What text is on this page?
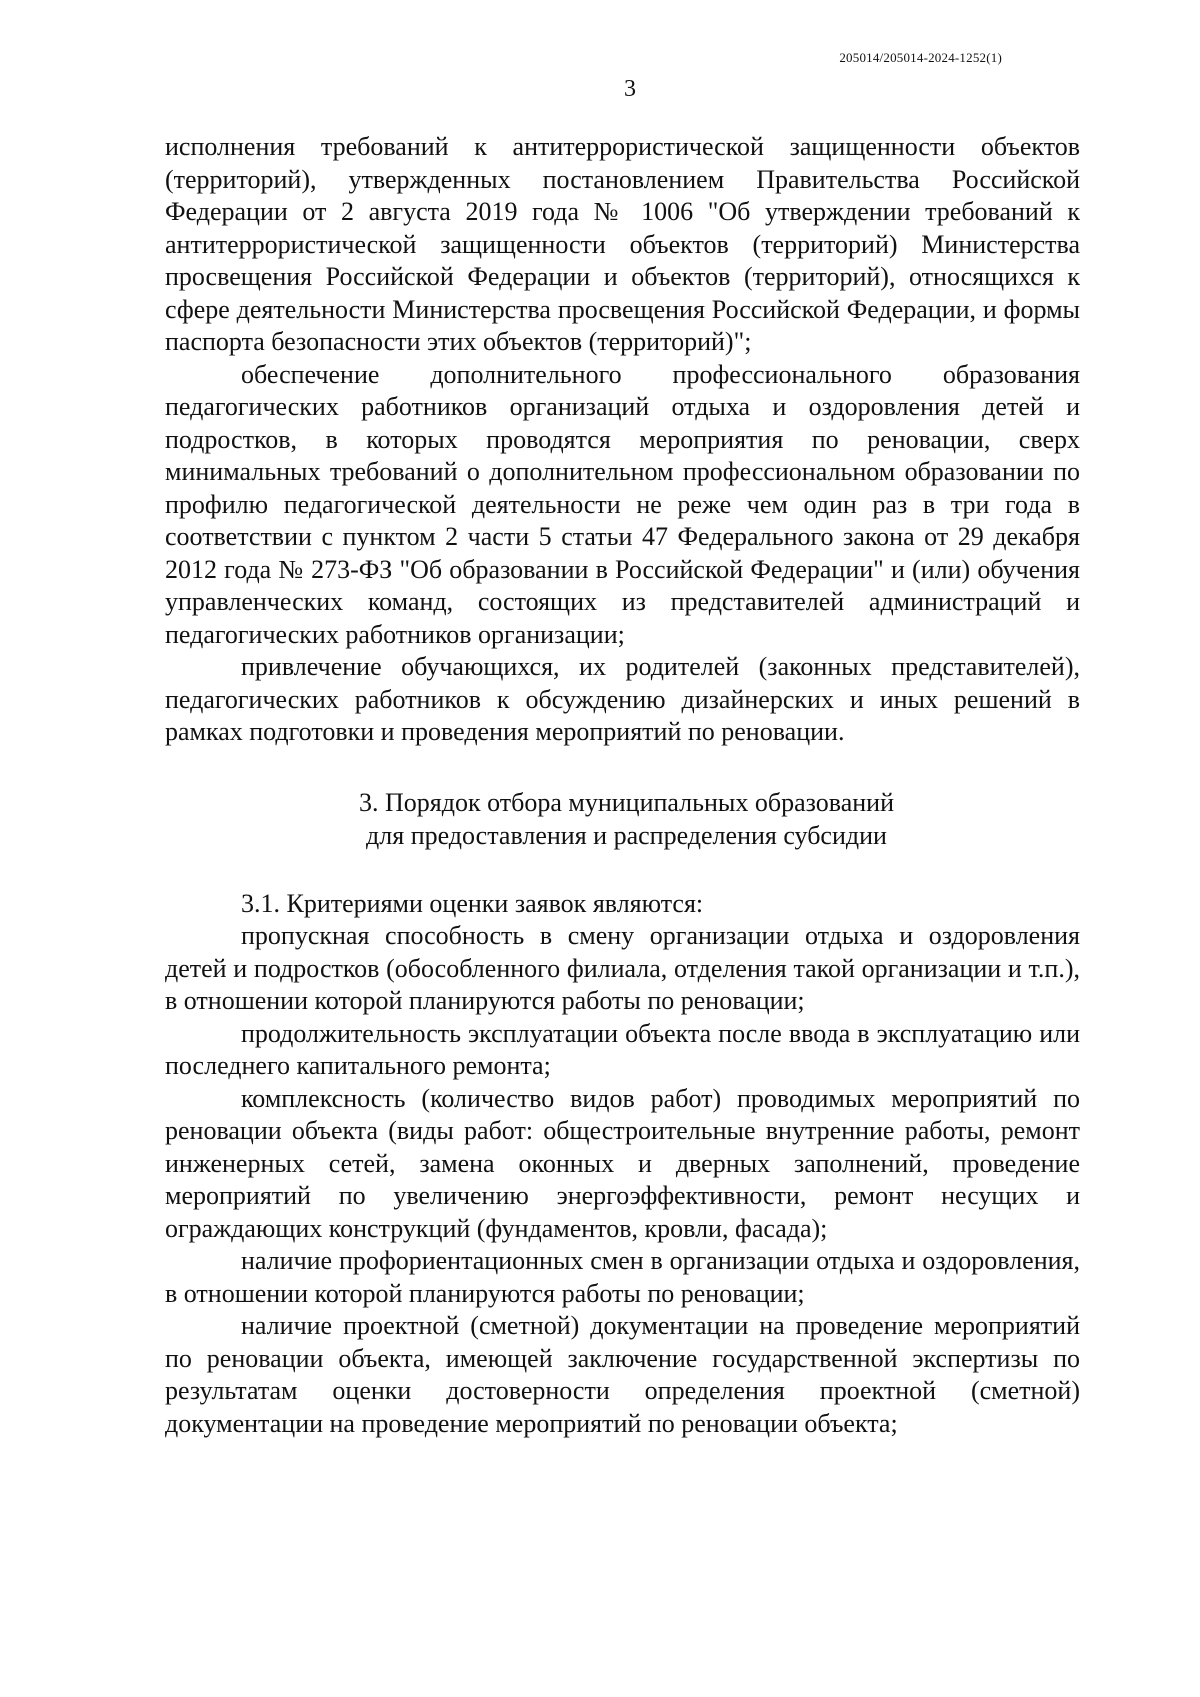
205014/205014-2024-1252(1)
3

исполнения требований к антитеррористической защищенности объектов (территорий), утвержденных постановлением Правительства Российской Федерации от 2 августа 2019 года № 1006 "Об утверждении требований к антитеррористической защищенности объектов (территорий) Министерства просвещения Российской Федерации и объектов (территорий), относящихся к сфере деятельности Министерства просвещения Российской Федерации, и формы паспорта безопасности этих объектов (территорий)";

обеспечение дополнительного профессионального образования педагогических работников организаций отдыха и оздоровления детей и подростков, в которых проводятся мероприятия по реновации, сверх минимальных требований о дополнительном профессиональном образовании по профилю педагогической деятельности не реже чем один раз в три года в соответствии с пунктом 2 части 5 статьи 47 Федерального закона от 29 декабря 2012 года № 273-ФЗ "Об образовании в Российской Федерации" и (или) обучения управленческих команд, состоящих из представителей администраций и педагогических работников организации;

привлечение обучающихся, их родителей (законных представителей), педагогических работников к обсуждению дизайнерских и иных решений в рамках подготовки и проведения мероприятий по реновации.

3. Порядок отбора муниципальных образований
для предоставления и распределения субсидии

3.1. Критериями оценки заявок являются:

пропускная способность в смену организации отдыха и оздоровления детей и подростков (обособленного филиала, отделения такой организации и т.п.), в отношении которой планируются работы по реновации;

продолжительность эксплуатации объекта после ввода в эксплуатацию или последнего капитального ремонта;

комплексность (количество видов работ) проводимых мероприятий по реновации объекта (виды работ: общестроительные внутренние работы, ремонт инженерных сетей, замена оконных и дверных заполнений, проведение мероприятий по увеличению энергоэффективности, ремонт несущих и ограждающих конструкций (фундаментов, кровли, фасада);

наличие профориентационных смен в организации отдыха и оздоровления, в отношении которой планируются работы по реновации;

наличие проектной (сметной) документации на проведение мероприятий по реновации объекта, имеющей заключение государственной экспертизы по результатам оценки достоверности определения проектной (сметной) документации на проведение мероприятий по реновации объекта;
